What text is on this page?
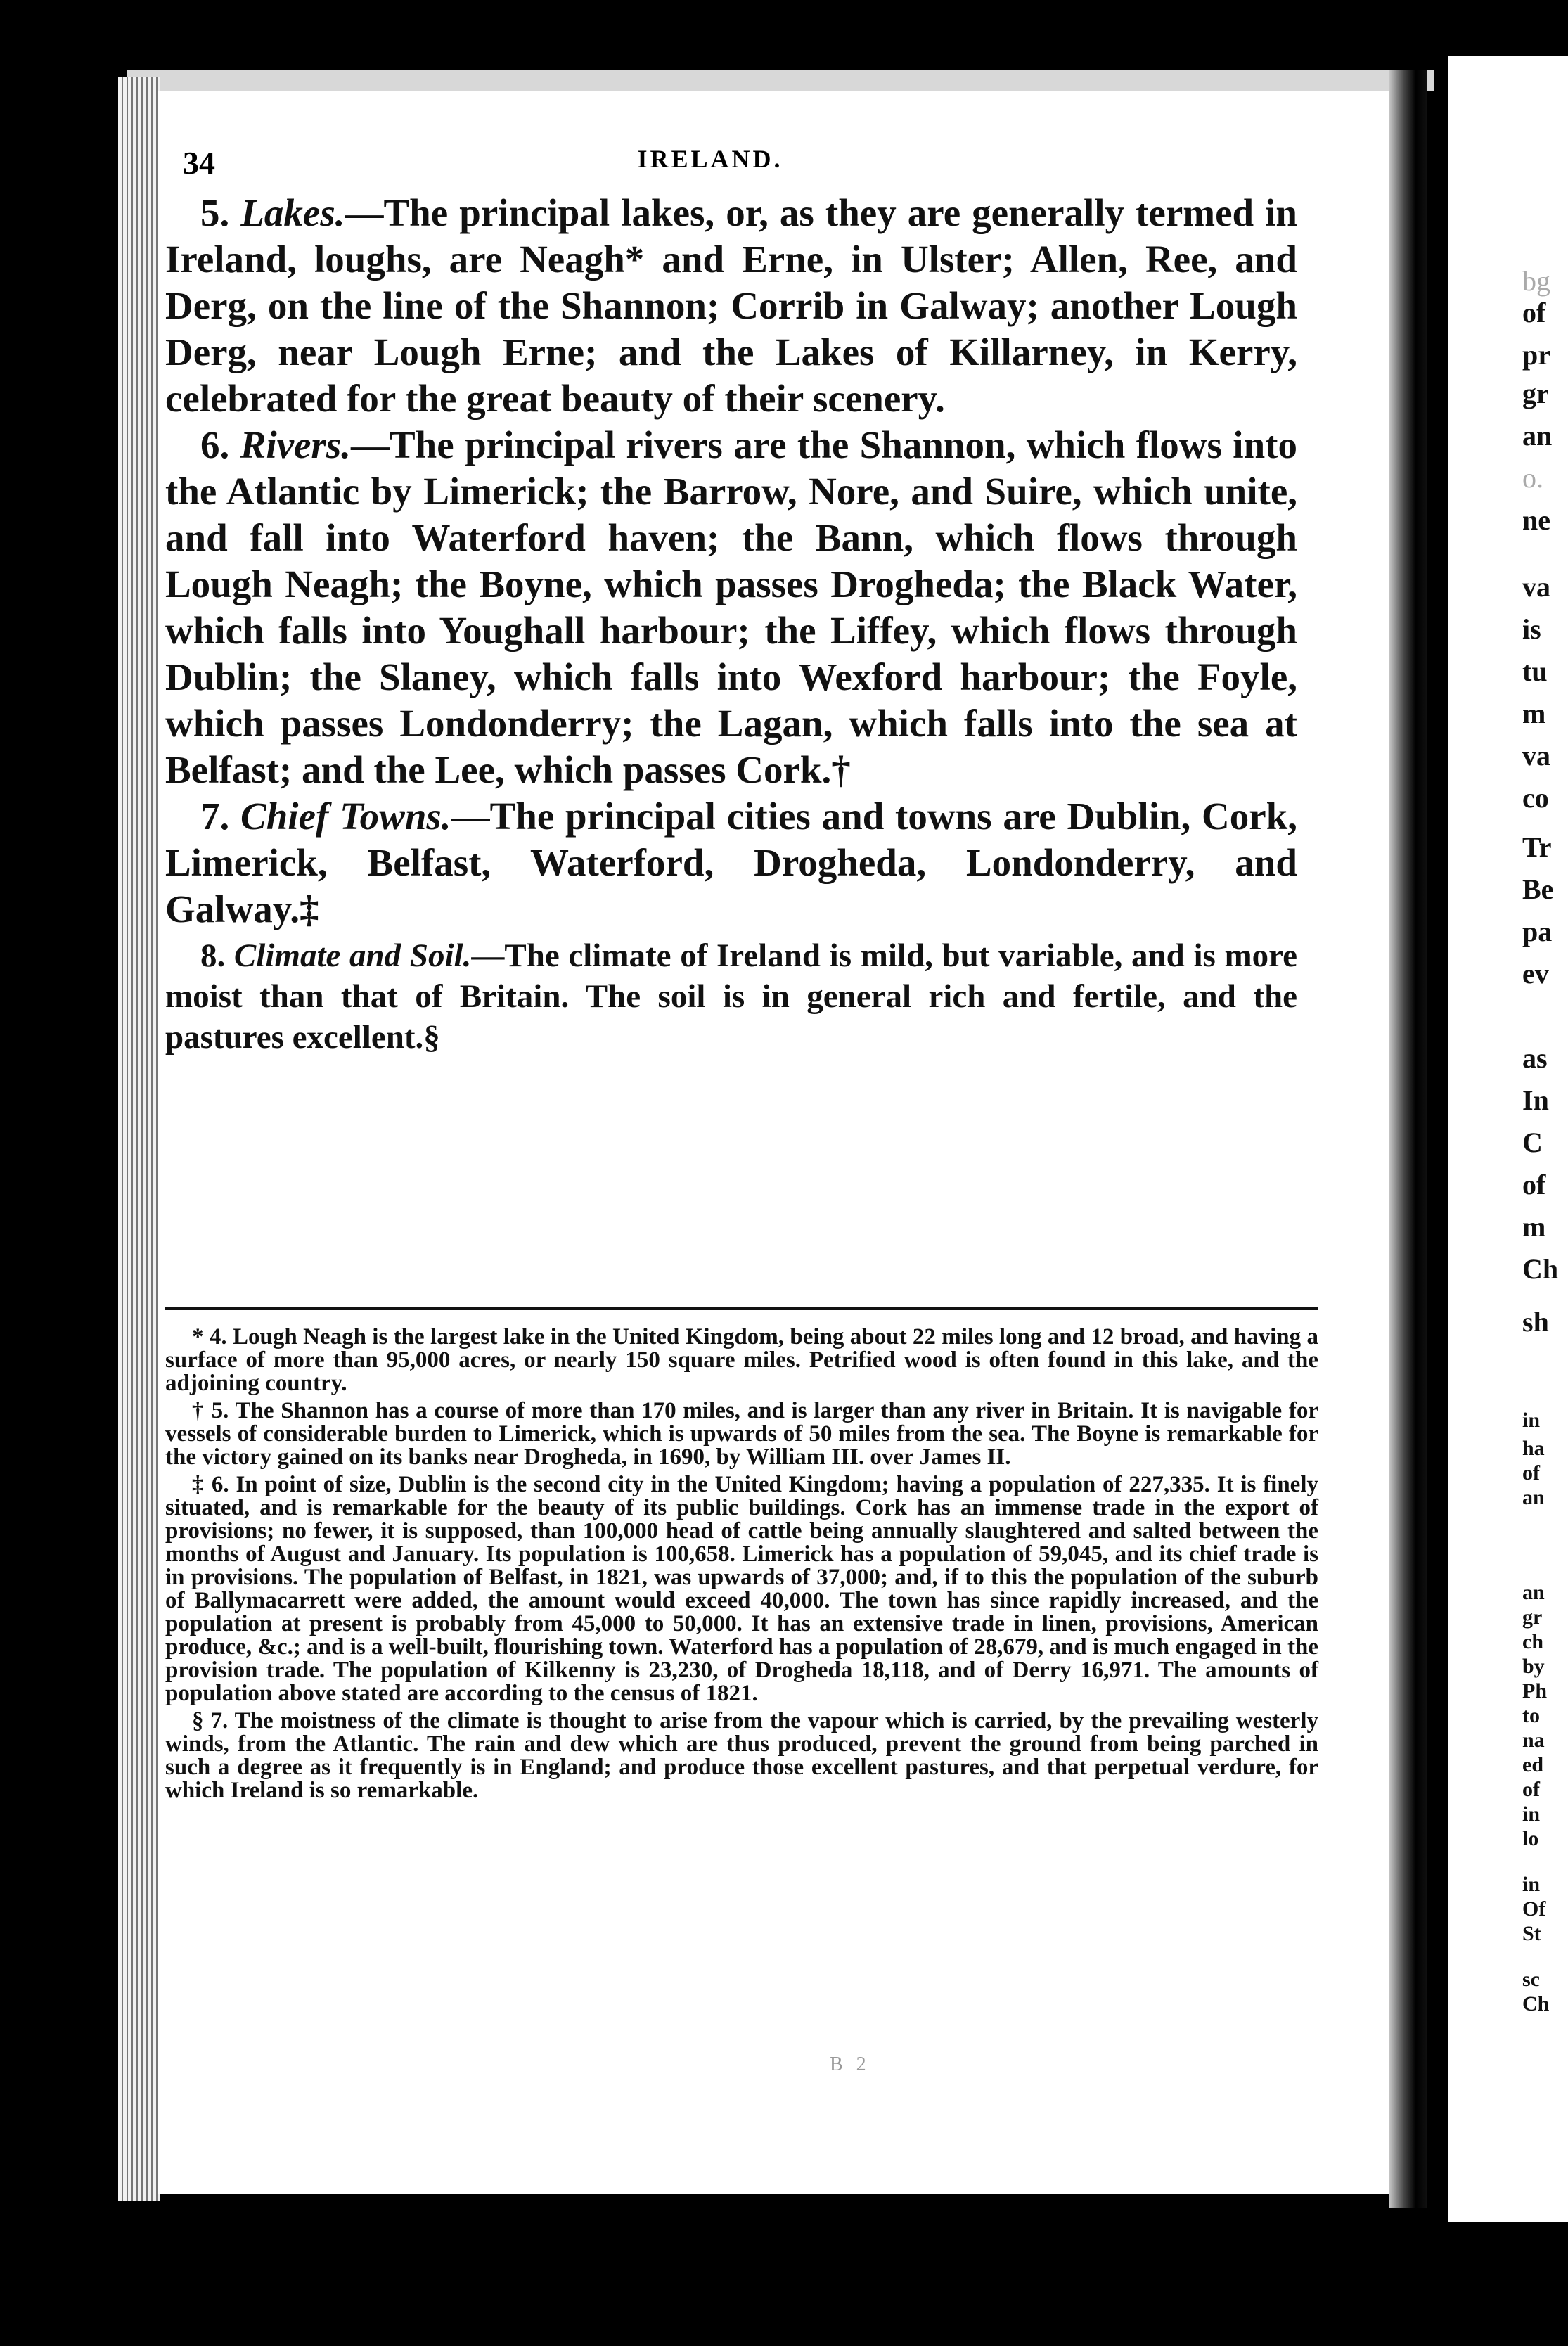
34	IRELAND.

5. Lakes.—The principal lakes, or, as they are generally termed in Ireland, loughs, are Neagh* and Erne, in Ulster; Allen, Ree, and Derg, on the line of the Shannon; Corrib in Galway; another Lough Derg, near Lough Erne; and the Lakes of Killarney, in Kerry, celebrated for the great beauty of their scenery.

6. Rivers.—The principal rivers are the Shannon, which flows into the Atlantic by Limerick; the Barrow, Nore, and Suire, which unite, and fall into Waterford haven; the Bann, which flows through Lough Neagh; the Boyne, which passes Drogheda; the Black Water, which falls into Youghall harbour; the Liffey, which flows through Dublin; the Slaney, which falls into Wexford harbour; the Foyle, which passes Londonderry; the Lagan, which falls into the sea at Belfast; and the Lee, which passes Cork.†

7. Chief Towns.—The principal cities and towns are Dublin, Cork, Limerick, Belfast, Waterford, Drogheda, Londonderry, and Galway.‡

8. Climate and Soil.—The climate of Ireland is mild, but variable, and is more moist than that of Britain. The soil is in general rich and fertile, and the pastures excellent.§

* 4. Lough Neagh is the largest lake in the United Kingdom, being about 22 miles long and 12 broad, and having a surface of more than 95,000 acres, or nearly 150 square miles. Petrified wood is often found in this lake, and the adjoining country.

† 5. The Shannon has a course of more than 170 miles, and is larger than any river in Britain. It is navigable for vessels of considerable burden to Limerick, which is upwards of 50 miles from the sea. The Boyne is remarkable for the victory gained on its banks near Drogheda, in 1690, by William III. over James II.

‡ 6. In point of size, Dublin is the second city in the United Kingdom; having a population of 227,335. It is finely situated, and is remarkable for the beauty of its public buildings. Cork has an immense trade in the export of provisions; no fewer, it is supposed, than 100,000 head of cattle being annually slaughtered and salted between the months of August and January. Its population is 100,658. Limerick has a population of 59,045, and its chief trade is in provisions. The population of Belfast, in 1821, was upwards of 37,000; and, if to this the population of the suburb of Ballymacarrett were added, the amount would exceed 40,000. The town has since rapidly increased, and the population at present is probably from 45,000 to 50,000. It has an extensive trade in linen, provisions, American produce, &c.; and is a well-built, flourishing town. Waterford has a population of 28,679, and is much engaged in the provision trade. The population of Kilkenny is 23,230, of Drogheda 18,118, and of Derry 16,971. The amounts of population above stated are according to the census of 1821.

§ 7. The moistness of the climate is thought to arise from the vapour which is carried, by the prevailing westerly winds, from the Atlantic. The rain and dew which are thus produced, prevent the ground from being parched in such a degree as it frequently is in England; and produce those excellent pastures, and that perpetual verdure, for which Ireland is so remarkable.

B 2
bg
of
pr
gr
an
o.
ne
va
is
tu
m
va
co
Tr
Be
pa
ev
as
In
C
of
m
Ch
sh
in
ha
of
an
an
gr
ch
by
Ph
to
na
ed
of
in
lo
in
Of
St
sc
Ch
